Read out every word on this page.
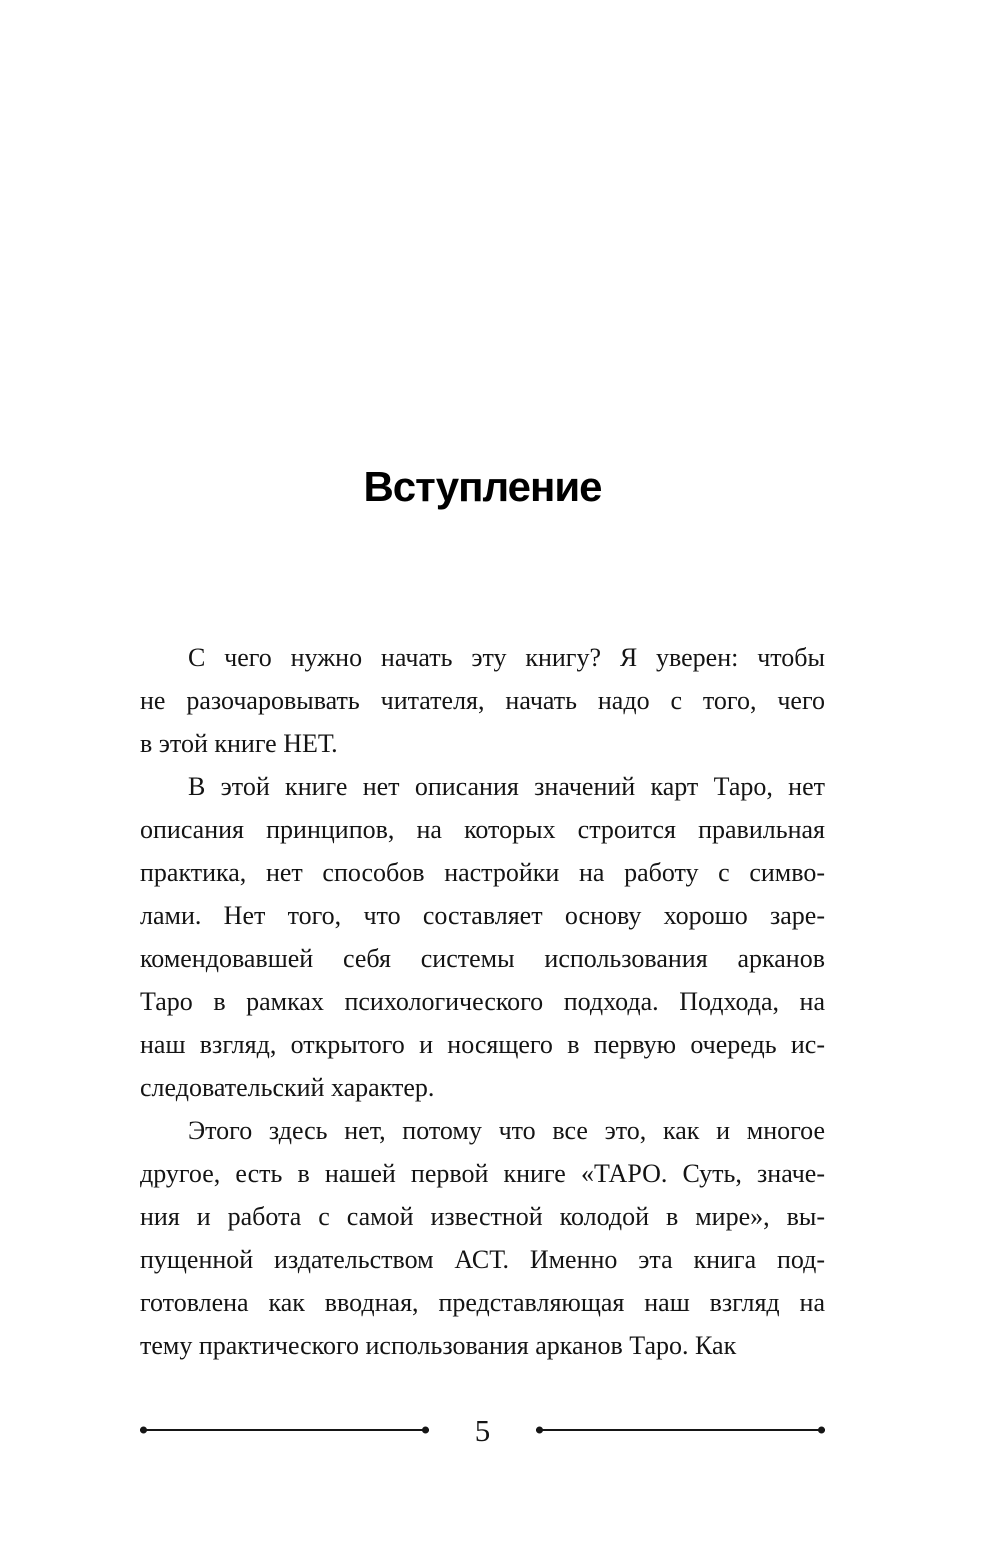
Вступление
С чего нужно начать эту книгу? Я уверен: чтобы
не разочаровывать читателя, начать надо с того, чего
в этой книге НЕТ.
В этой книге нет описания значений карт Таро, нет
описания принципов, на которых строится правильная
практика, нет способов настройки на работу с симво-
лами. Нет того, что составляет основу хорошо заре-
комендовавшей себя системы использования арканов
Таро в рамках психологического подхода. Подхода, на
наш взгляд, открытого и носящего в первую очередь ис-
следовательский характер.
Этого здесь нет, потому что все это, как и многое
другое, есть в нашей первой книге «ТАРО. Суть, значе-
ния и работа с самой известной колодой в мире», вы-
пущенной издательством АСТ. Именно эта книга под-
готовлена как вводная, представляющая наш взгляд на
тему практического использования арканов Таро. Как
5
